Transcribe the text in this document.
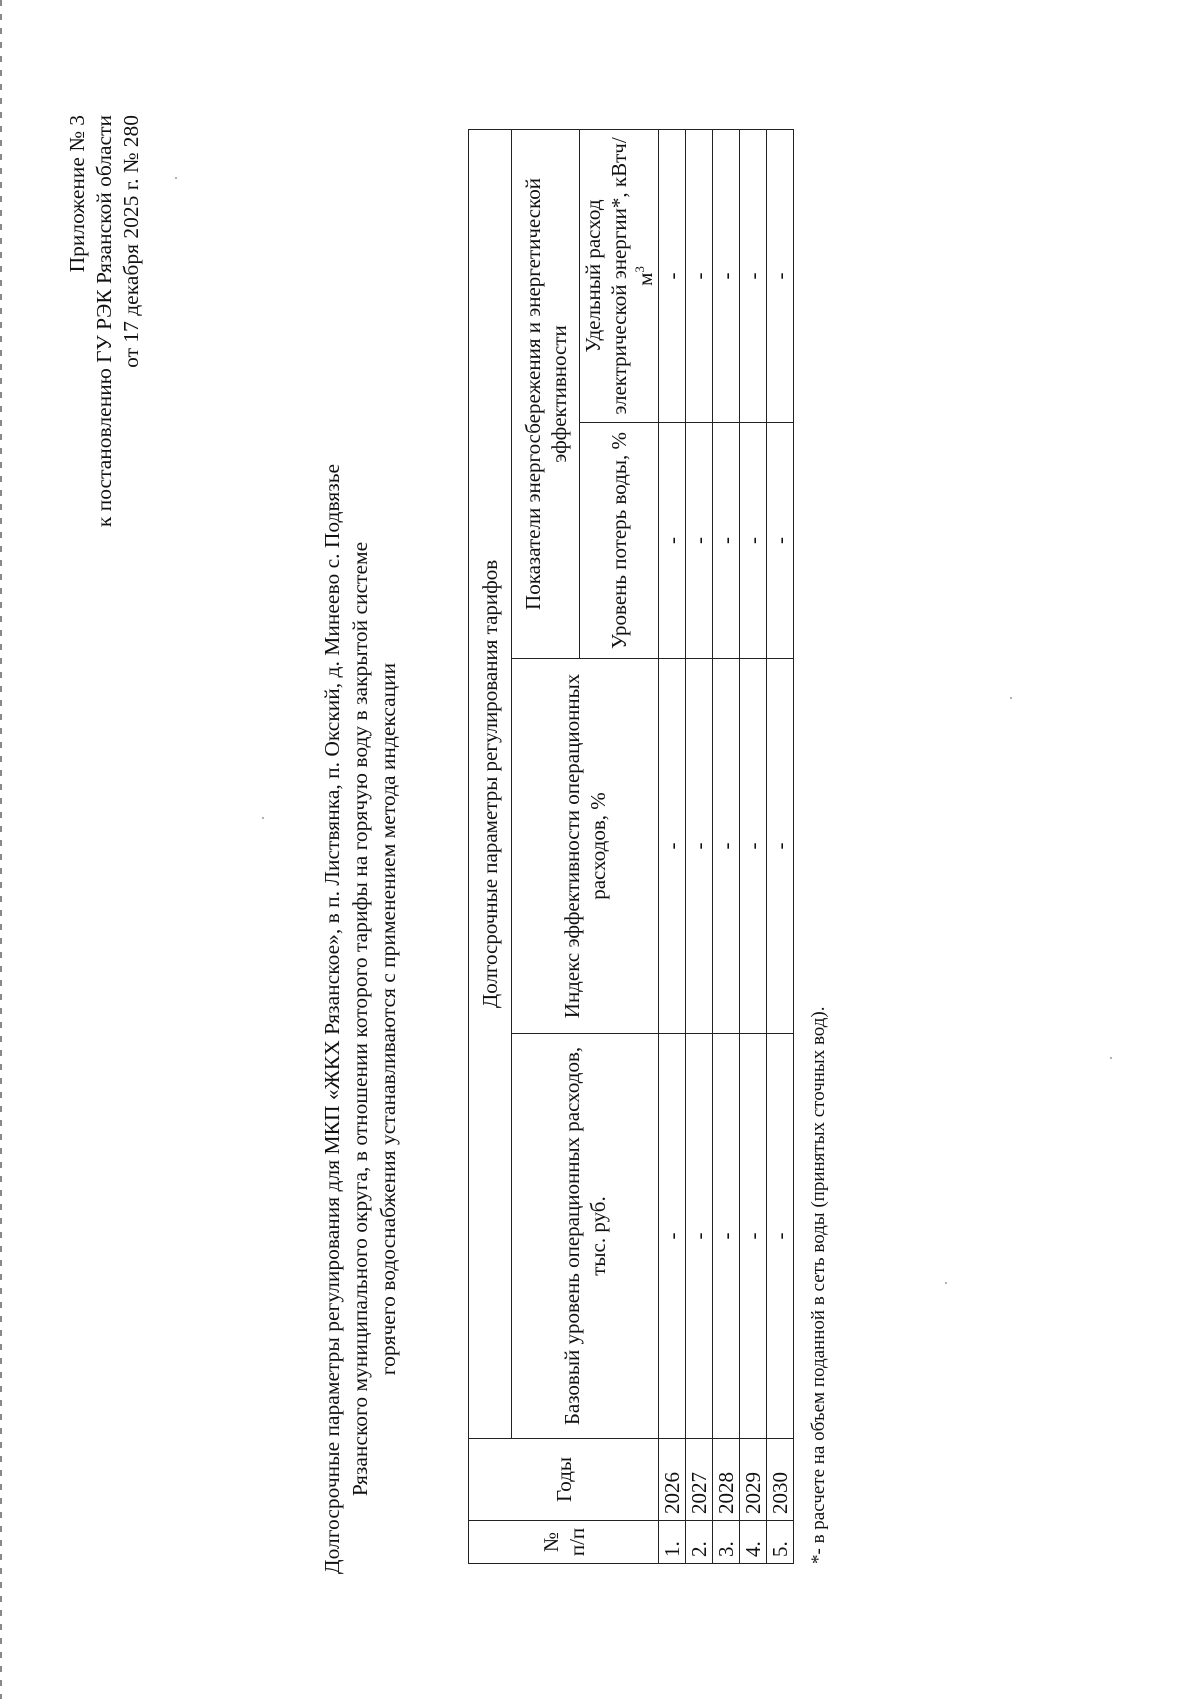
Приложение № 3 к постановлению ГУ РЭК Рязанской области от 17 декабря 2025 г. № 280
Долгосрочные параметры регулирования для МКП «ЖКХ Рязанское», в п. Листвянка, п. Окский, д. Минеево с. Подвязье Рязанского муниципального округа, в отношении которого тарифы на горячую воду в закрытой системе горячего водоснабжения устанавливаются с применением метода индексации
№ п/п	Годы	Долгосрочные параметры регулирования тарифов			
		Базовый уровень операционных расходов, тыс. руб.	Индекс эффективности операционных расходов, %	Показатели энергосбережения и энергетической эффективности	
				Уровень потерь воды, %	Удельный расход электрической энергии*, кВтч/$м^3$
1.	2026	-	-	-	-
2.	2027	-	-	-	-
3.	2028	-	-	-	-
4.	2029	-	-	-	-
5.	2030	-	-	-	-
*- в расчете на объем поданной в сеть воды (принятых сточных вод).
